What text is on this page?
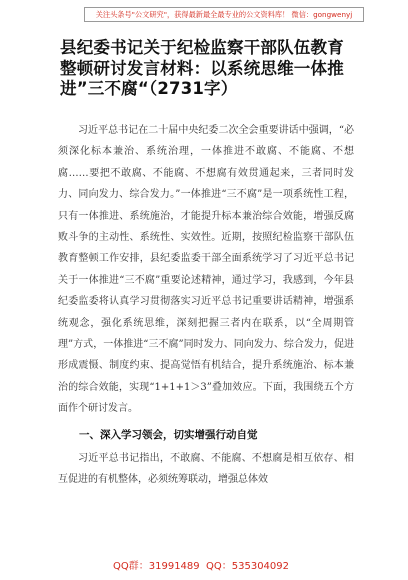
关注头条号"公文研究"，获得最新最全最专业的公文资料库！ 微信：gongwenyj
县纪委书记关于纪检监察干部队伍教育整顿研讨发言材料：以系统思维一体推进”三不腐“（2731字）

习近平总书记在二十届中央纪委二次全会重要讲话中强调，“必须深化标本兼治、系统治理，一体推进不敢腐、不能腐、不想腐……要把不敢腐、不能腐、不想腐有效贯通起来，三者同时发力、同向发力、综合发力。”一体推进“三不腐”是一项系统性工程，只有一体推进、系统施治，才能提升标本兼治综合效能，增强反腐败斗争的主动性、系统性、实效性。近期，按照纪检监察干部队伍教育整顿工作安排，县纪委监委干部全面系统学习了习近平总书记关于一体推进“三不腐”重要论述精神，通过学习，我感到，今年县纪委监委将认真学习贯彻落实习近平总书记重要讲话精神，增强系统观念，强化系统思维，深刻把握三者内在联系，以“全周期管理”方式，一体推进“三不腐”同时发力、同向发力、综合发力，促进形成震慑、制度约束、提高觉悟有机结合，提升系统施治、标本兼治的综合效能，实现“1+1+1＞3”叠加效应。下面，我围绕五个方面作个研讨发言。

一、深入学习领会，切实增强行动自觉

习近平总书记指出，不敢腐、不能腐、不想腐是相互依存、相互促进的有机整体，必须统筹联动，增强总体效

QQ群：31991489 QQ：535304092
